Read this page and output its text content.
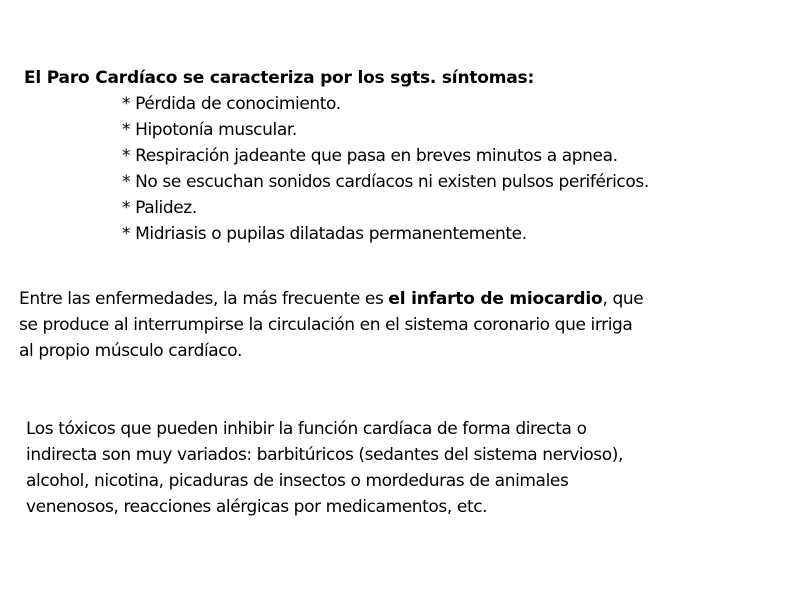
El Paro Cardíaco se caracteriza por los sgts. síntomas:
* Pérdida de conocimiento.
* Hipotonía muscular.
* Respiración jadeante que pasa en breves minutos a apnea.
* No se escuchan sonidos cardíacos ni existen pulsos periféricos.
* Palidez.
* Midriasis o pupilas dilatadas permanentemente.
Entre las enfermedades, la más frecuente es el infarto de miocardio, que
se produce al interrumpirse la circulación en el sistema coronario que irriga
al propio músculo cardíaco.
Los tóxicos que pueden inhibir la función cardíaca de forma directa o
indirecta son muy variados: barbitúricos (sedantes del sistema nervioso),
alcohol, nicotina, picaduras de insectos o mordeduras de animales
venenosos, reacciones alérgicas por medicamentos, etc.
